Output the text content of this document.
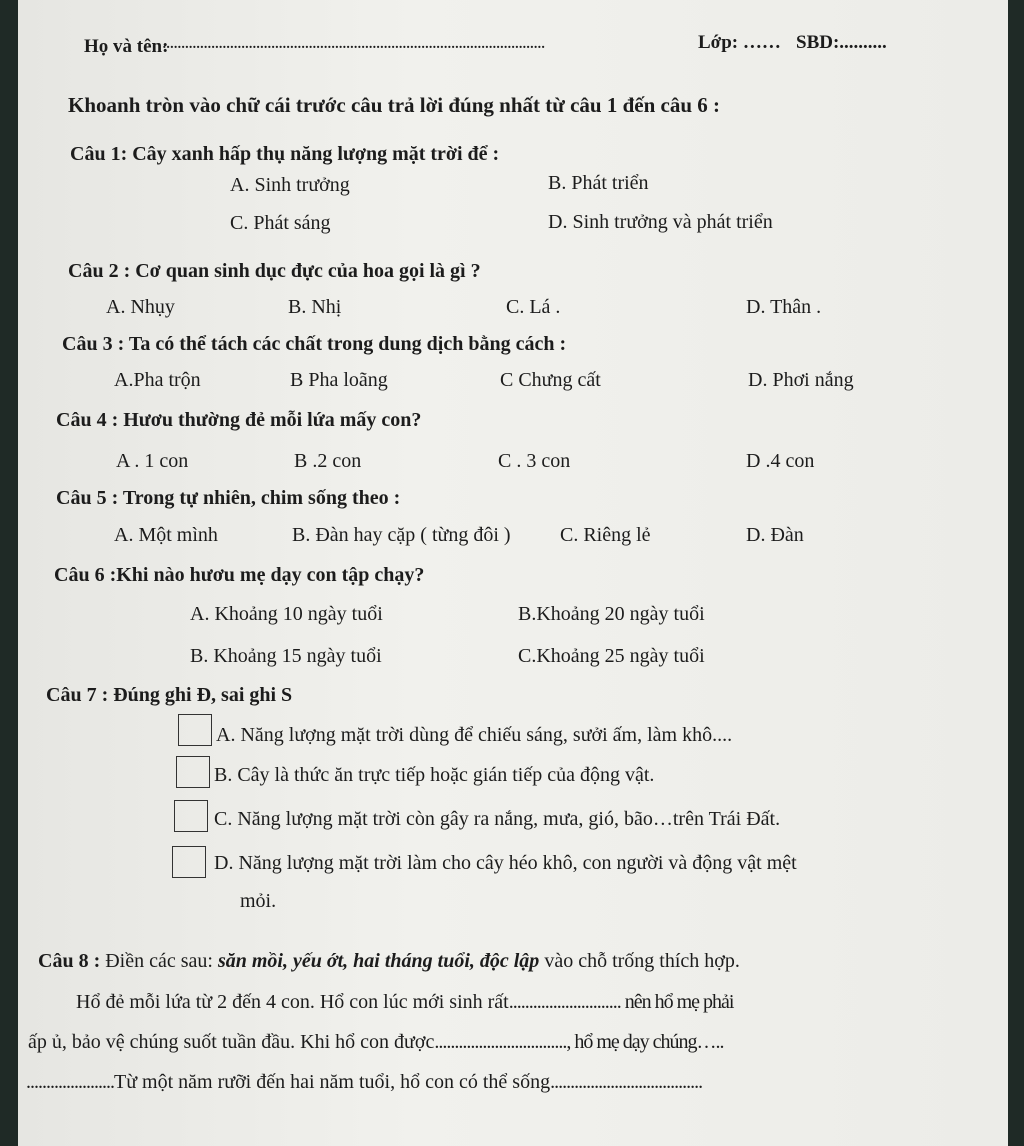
Họ và tên:
......................................................................................................	Lớp: …… SBD:..........
Khoanh tròn vào chữ cái trước câu trả lời đúng nhất từ câu 1 đến câu 6 :
Câu 1: Cây xanh hấp thụ năng lượng mặt trời để :
A. Sinh trưởng	B. Phát triển
C. Phát sáng	D. Sinh trưởng và phát triển
Câu 2 : Cơ quan sinh dục đực của hoa gọi là gì ?
A. Nhụy	B. Nhị	C. Lá .	D. Thân .
Câu 3 : Ta có thể tách các chất trong dung dịch bằng cách :
A.Pha trộn	B Pha loãng	C Chưng cất	D. Phơi nắng
Câu 4 : Hươu thường đẻ mỗi lứa mấy con?
A . 1 con	B .2 con	C . 3 con	D .4 con
Câu 5 : Trong tự nhiên, chim sống theo :
A. Một mình	B. Đàn hay cặp ( từng đôi ) C. Riêng lẻ	D. Đàn
Câu 6 :Khi nào hươu mẹ dạy con tập chạy?
A. Khoảng 10 ngày tuổi	B.Khoảng 20 ngày tuổi
B. Khoảng 15 ngày tuổi	C.Khoảng 25 ngày tuổi
Câu 7 : Đúng ghi Đ, sai ghi S
A. Năng lượng mặt trời dùng để chiếu sáng, sưởi ấm, làm khô....
B. Cây là thức ăn trực tiếp hoặc gián tiếp của động vật.
C. Năng lượng mặt trời còn gây ra nắng, mưa, gió, bão…trên Trái Đất.
D. Năng lượng mặt trời làm cho cây héo khô, con người và động vật mệt
mỏi.
Câu 8 : Điền các sau: săn mồi, yếu ớt, hai tháng tuổi, độc lập vào chỗ trống thích hợp.
Hổ đẻ mỗi lứa từ 2 đến 4 con. Hổ con lúc mới sinh rất............................ nên hổ mẹ phải
ấp ủ, bảo vệ chúng suốt tuần đầu. Khi hổ con được................................., hổ mẹ dạy chúng…..
......................Từ một năm rưỡi đến hai năm tuổi, hổ con có thể sống......................................
